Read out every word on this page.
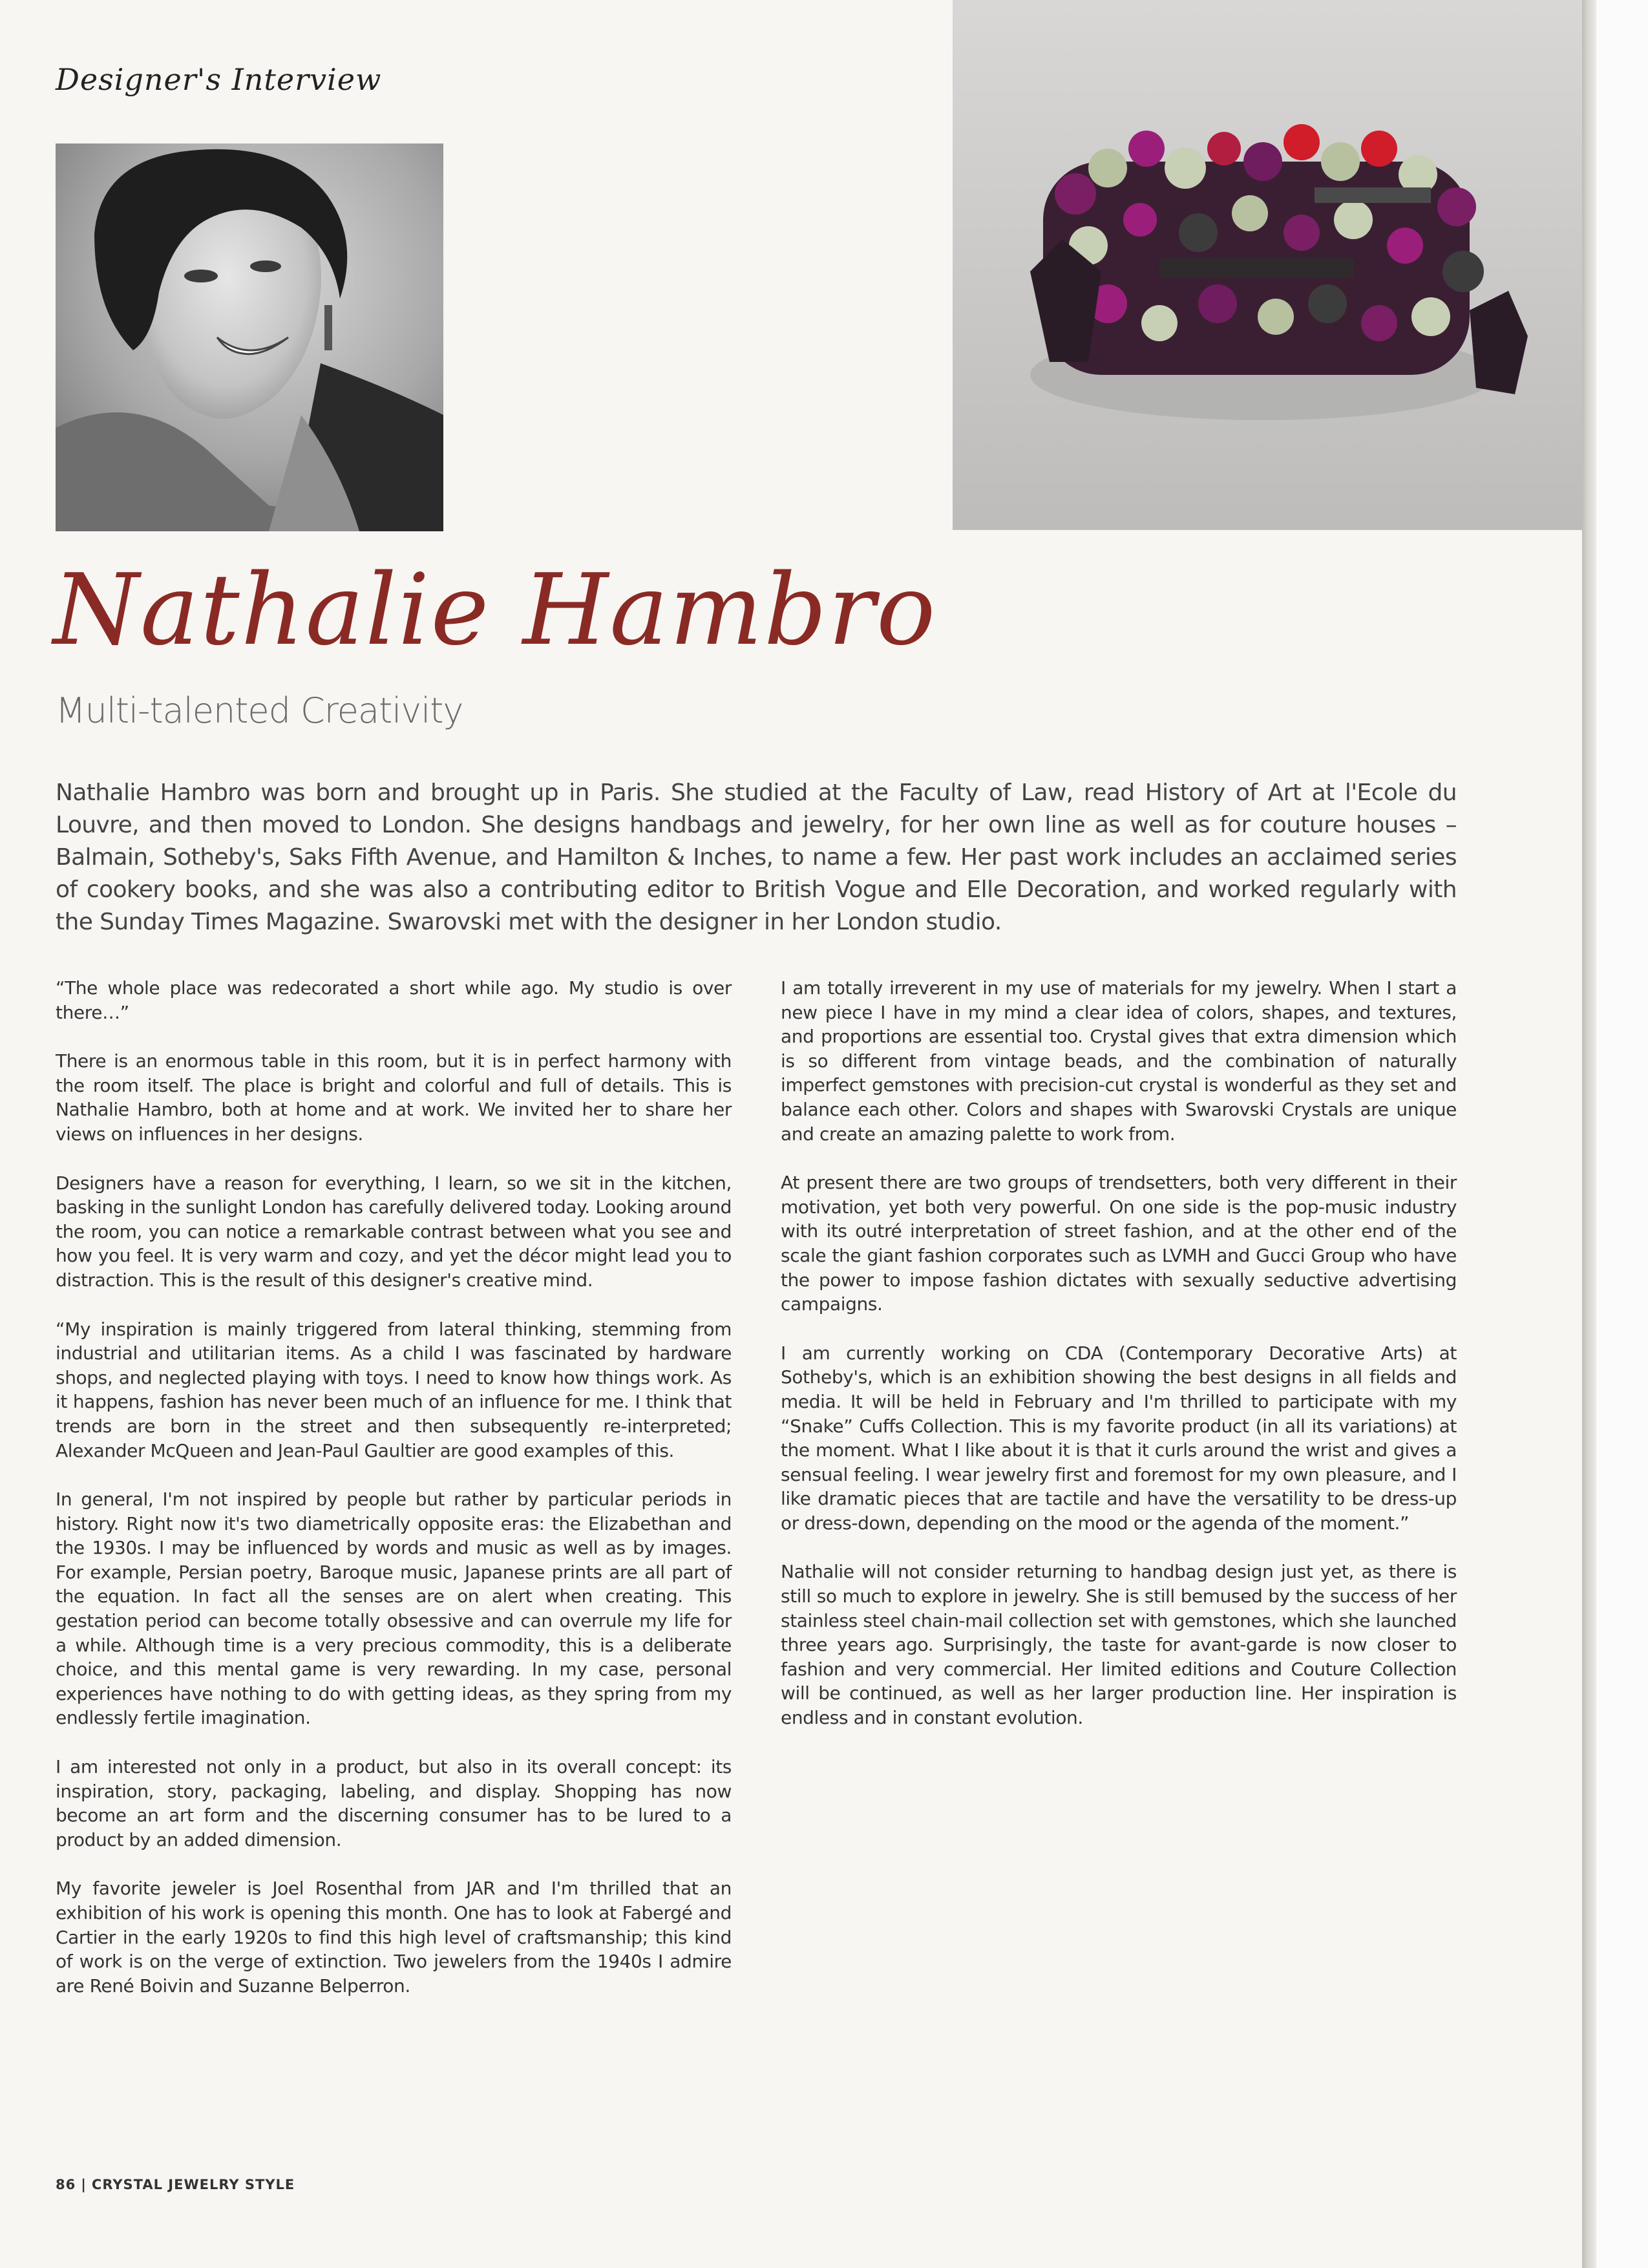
Designer's Interview
Nathalie Hambro
Multi-talented Creativity

Nathalie Hambro was born and brought up in Paris. She studied at the Faculty of Law, read History of Art at l'Ecole du Louvre, and then moved to London. She designs handbags and jewelry, for her own line as well as for couture houses – Balmain, Sotheby's, Saks Fifth Avenue, and Hamilton & Inches, to name a few. Her past work includes an acclaimed series of cookery books, and she was also a contributing editor to British Vogue and Elle Decoration, and worked regularly with the Sunday Times Magazine. Swarovski met with the designer in her London studio.

“The whole place was redecorated a short while ago. My studio is over there…”

There is an enormous table in this room, but it is in perfect harmony with the room itself. The place is bright and colorful and full of details. This is Nathalie Hambro, both at home and at work. We invited her to share her views on influences in her designs.

Designers have a reason for everything, I learn, so we sit in the kitchen, basking in the sunlight London has carefully delivered today. Looking around the room, you can notice a remarkable contrast between what you see and how you feel. It is very warm and cozy, and yet the décor might lead you to distraction. This is the result of this designer's creative mind.

“My inspiration is mainly triggered from lateral thinking, stemming from industrial and utilitarian items. As a child I was fascinated by hardware shops, and neglected playing with toys. I need to know how things work. As it happens, fashion has never been much of an influence for me. I think that trends are born in the street and then subsequently re-interpreted; Alexander McQueen and Jean-Paul Gaultier are good examples of this.

In general, I'm not inspired by people but rather by particular periods in history. Right now it's two diametrically opposite eras: the Elizabethan and the 1930s. I may be influenced by words and music as well as by images. For example, Persian poetry, Baroque music, Japanese prints are all part of the equation. In fact all the senses are on alert when creating. This gestation period can become totally obsessive and can overrule my life for a while. Although time is a very precious commodity, this is a deliberate choice, and this mental game is very rewarding. In my case, personal experiences have nothing to do with getting ideas, as they spring from my endlessly fertile imagination.

I am interested not only in a product, but also in its overall concept: its inspiration, story, packaging, labeling, and display. Shopping has now become an art form and the discerning consumer has to be lured to a product by an added dimension.

My favorite jeweler is Joel Rosenthal from JAR and I'm thrilled that an exhibition of his work is opening this month. One has to look at Fabergé and Cartier in the early 1920s to find this high level of craftsmanship; this kind of work is on the verge of extinction. Two jewelers from the 1940s I admire are René Boivin and Suzanne Belperron.

I am totally irreverent in my use of materials for my jewelry. When I start a new piece I have in my mind a clear idea of colors, shapes, and textures, and proportions are essential too. Crystal gives that extra dimension which is so different from vintage beads, and the combination of naturally imperfect gemstones with precision-cut crystal is wonderful as they set and balance each other. Colors and shapes with Swarovski Crystals are unique and create an amazing palette to work from.

At present there are two groups of trendsetters, both very different in their motivation, yet both very powerful. On one side is the pop-music industry with its outré interpretation of street fashion, and at the other end of the scale the giant fashion corporates such as LVMH and Gucci Group who have the power to impose fashion dictates with sexually seductive advertising campaigns.

I am currently working on CDA (Contemporary Decorative Arts) at Sotheby's, which is an exhibition showing the best designs in all fields and media. It will be held in February and I'm thrilled to participate with my “Snake” Cuffs Collection. This is my favorite product (in all its variations) at the moment. What I like about it is that it curls around the wrist and gives a sensual feeling. I wear jewelry first and foremost for my own pleasure, and I like dramatic pieces that are tactile and have the versatility to be dress-up or dress-down, depending on the mood or the agenda of the moment.”

Nathalie will not consider returning to handbag design just yet, as there is still so much to explore in jewelry. She is still bemused by the success of her stainless steel chain-mail collection set with gemstones, which she launched three years ago. Surprisingly, the taste for avant-garde is now closer to fashion and very commercial. Her limited editions and Couture Collection will be continued, as well as her larger production line. Her inspiration is endless and in constant evolution.

86 | CRYSTAL JEWELRY STYLE
